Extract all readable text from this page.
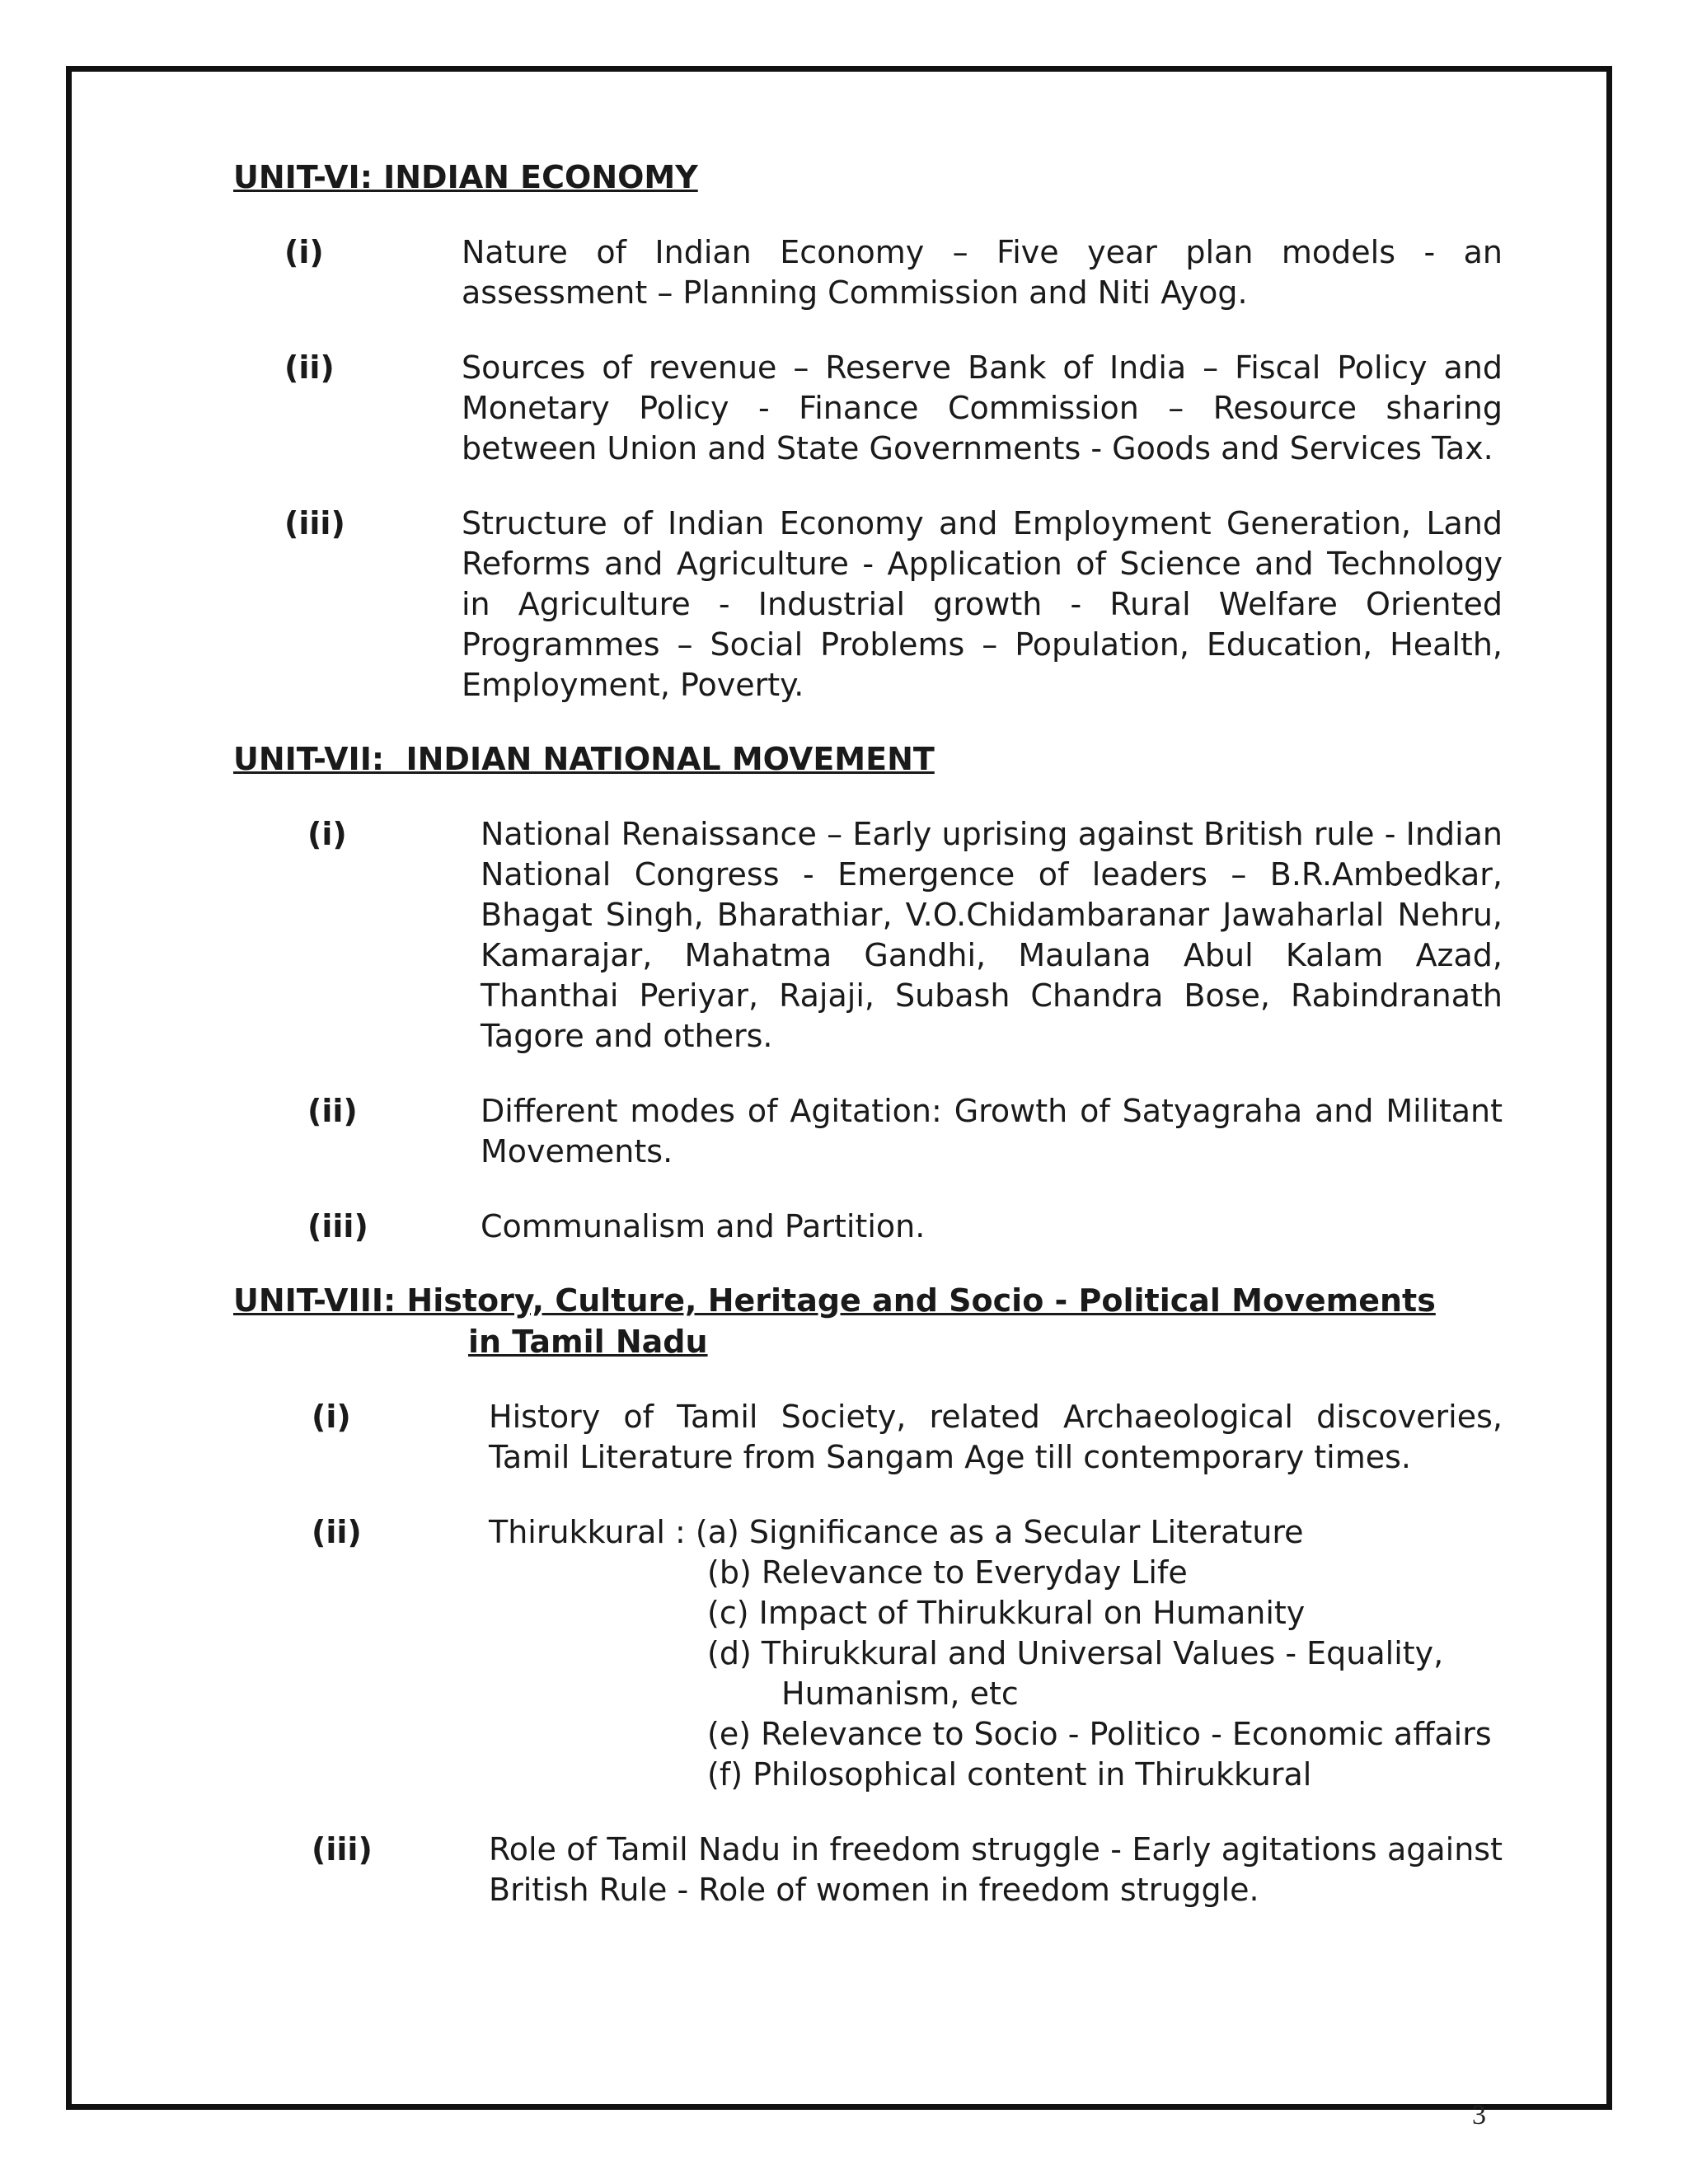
UNIT-VI: INDIAN ECONOMY
(i)	Nature of Indian Economy – Five year plan models - an assessment – Planning Commission and Niti Ayog.
(ii)	Sources of revenue – Reserve Bank of India – Fiscal Policy and Monetary Policy - Finance Commission – Resource sharing between Union and State Governments - Goods and Services Tax.
(iii)	Structure of Indian Economy and Employment Generation, Land Reforms and Agriculture - Application of Science and Technology in Agriculture - Industrial growth - Rural Welfare Oriented Programmes – Social Problems – Population, Education, Health, Employment, Poverty.
UNIT-VII:  INDIAN NATIONAL MOVEMENT
(i)	National Renaissance – Early uprising against British rule - Indian National Congress - Emergence of leaders – B.R.Ambedkar, Bhagat Singh, Bharathiar, V.O.Chidambaranar Jawaharlal Nehru, Kamarajar, Mahatma Gandhi, Maulana Abul Kalam Azad, Thanthai Periyar, Rajaji, Subash Chandra Bose, Rabindranath Tagore and others.
(ii)	Different modes of Agitation: Growth of Satyagraha and Militant Movements.
(iii)	Communalism and Partition.
UNIT-VIII: History, Culture, Heritage and Socio - Political Movements
in Tamil Nadu
(i)	History of Tamil Society, related Archaeological discoveries, Tamil Literature from Sangam Age till contemporary times.
(ii)	Thirukkural : (a) Significance as a Secular Literature
(b) Relevance to Everyday Life
(c) Impact of Thirukkural on Humanity
(d) Thirukkural and Universal Values - Equality,
Humanism, etc
(e) Relevance to Socio - Politico - Economic affairs
(f) Philosophical content in Thirukkural
(iii)	Role of Tamil Nadu in freedom struggle - Early agitations against British Rule - Role of women in freedom struggle.
3
